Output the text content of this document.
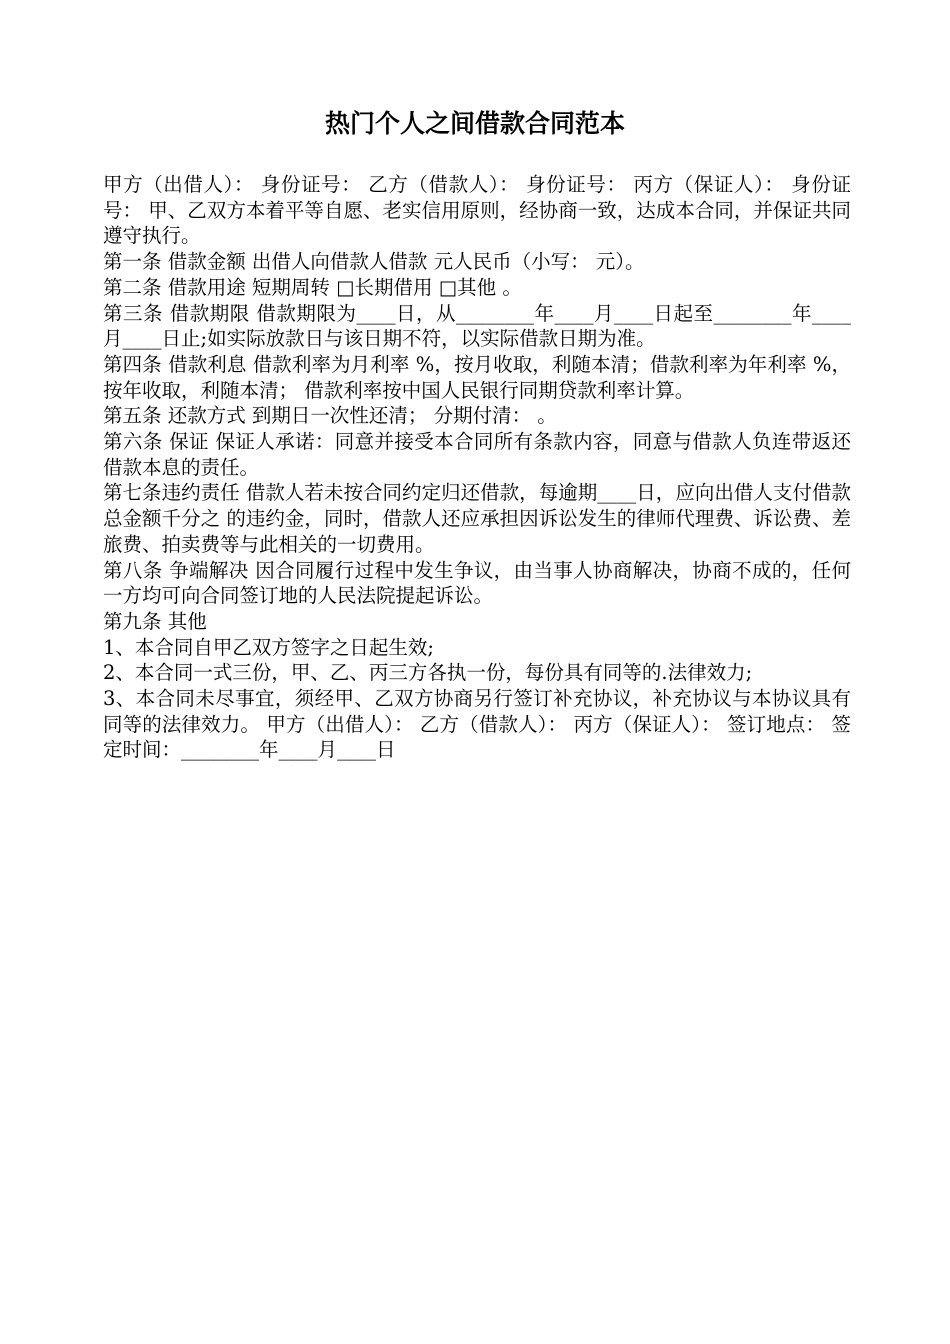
热门个人之间借款合同范本

甲方（出借人）： 身份证号： 乙方（借款人）： 身份证号： 丙方（保证人）： 身份证号： 甲、乙双方本着平等自愿、老实信用原则，经协商一致，达成本合同，并保证共同遵守执行。

第一条 借款金额 出借人向借款人借款 元人民币（小写： 元）。

第二条 借款用途 短期周转 □长期借用 □其他 。

第三条 借款期限 借款期限为____日，从________年____月____日起至________年____月____日止;如实际放款日与该日期不符，以实际借款日期为准。

第四条 借款利息 借款利率为月利率 %，按月收取，利随本清；借款利率为年利率 %，按年收取，利随本清； 借款利率按中国人民银行同期贷款利率计算。

第五条 还款方式 到期日一次性还清； 分期付清： 。

第六条 保证 保证人承诺：同意并接受本合同所有条款内容，同意与借款人负连带返还借款本息的责任。

第七条违约责任 借款人若未按合同约定归还借款，每逾期____日，应向出借人支付借款总金额千分之 的违约金，同时，借款人还应承担因诉讼发生的律师代理费、诉讼费、差旅费、拍卖费等与此相关的一切费用。

第八条 争端解决 因合同履行过程中发生争议，由当事人协商解决，协商不成的，任何一方均可向合同签订地的人民法院提起诉讼。

第九条 其他

1、本合同自甲乙双方签字之日起生效;

2、本合同一式三份，甲、乙、丙三方各执一份，每份具有同等的.法律效力;

3、本合同未尽事宜，须经甲、乙双方协商另行签订补充协议，补充协议与本协议具有同等的法律效力。 甲方（出借人）： 乙方（借款人）： 丙方（保证人）： 签订地点： 签定时间：________年____月____日
